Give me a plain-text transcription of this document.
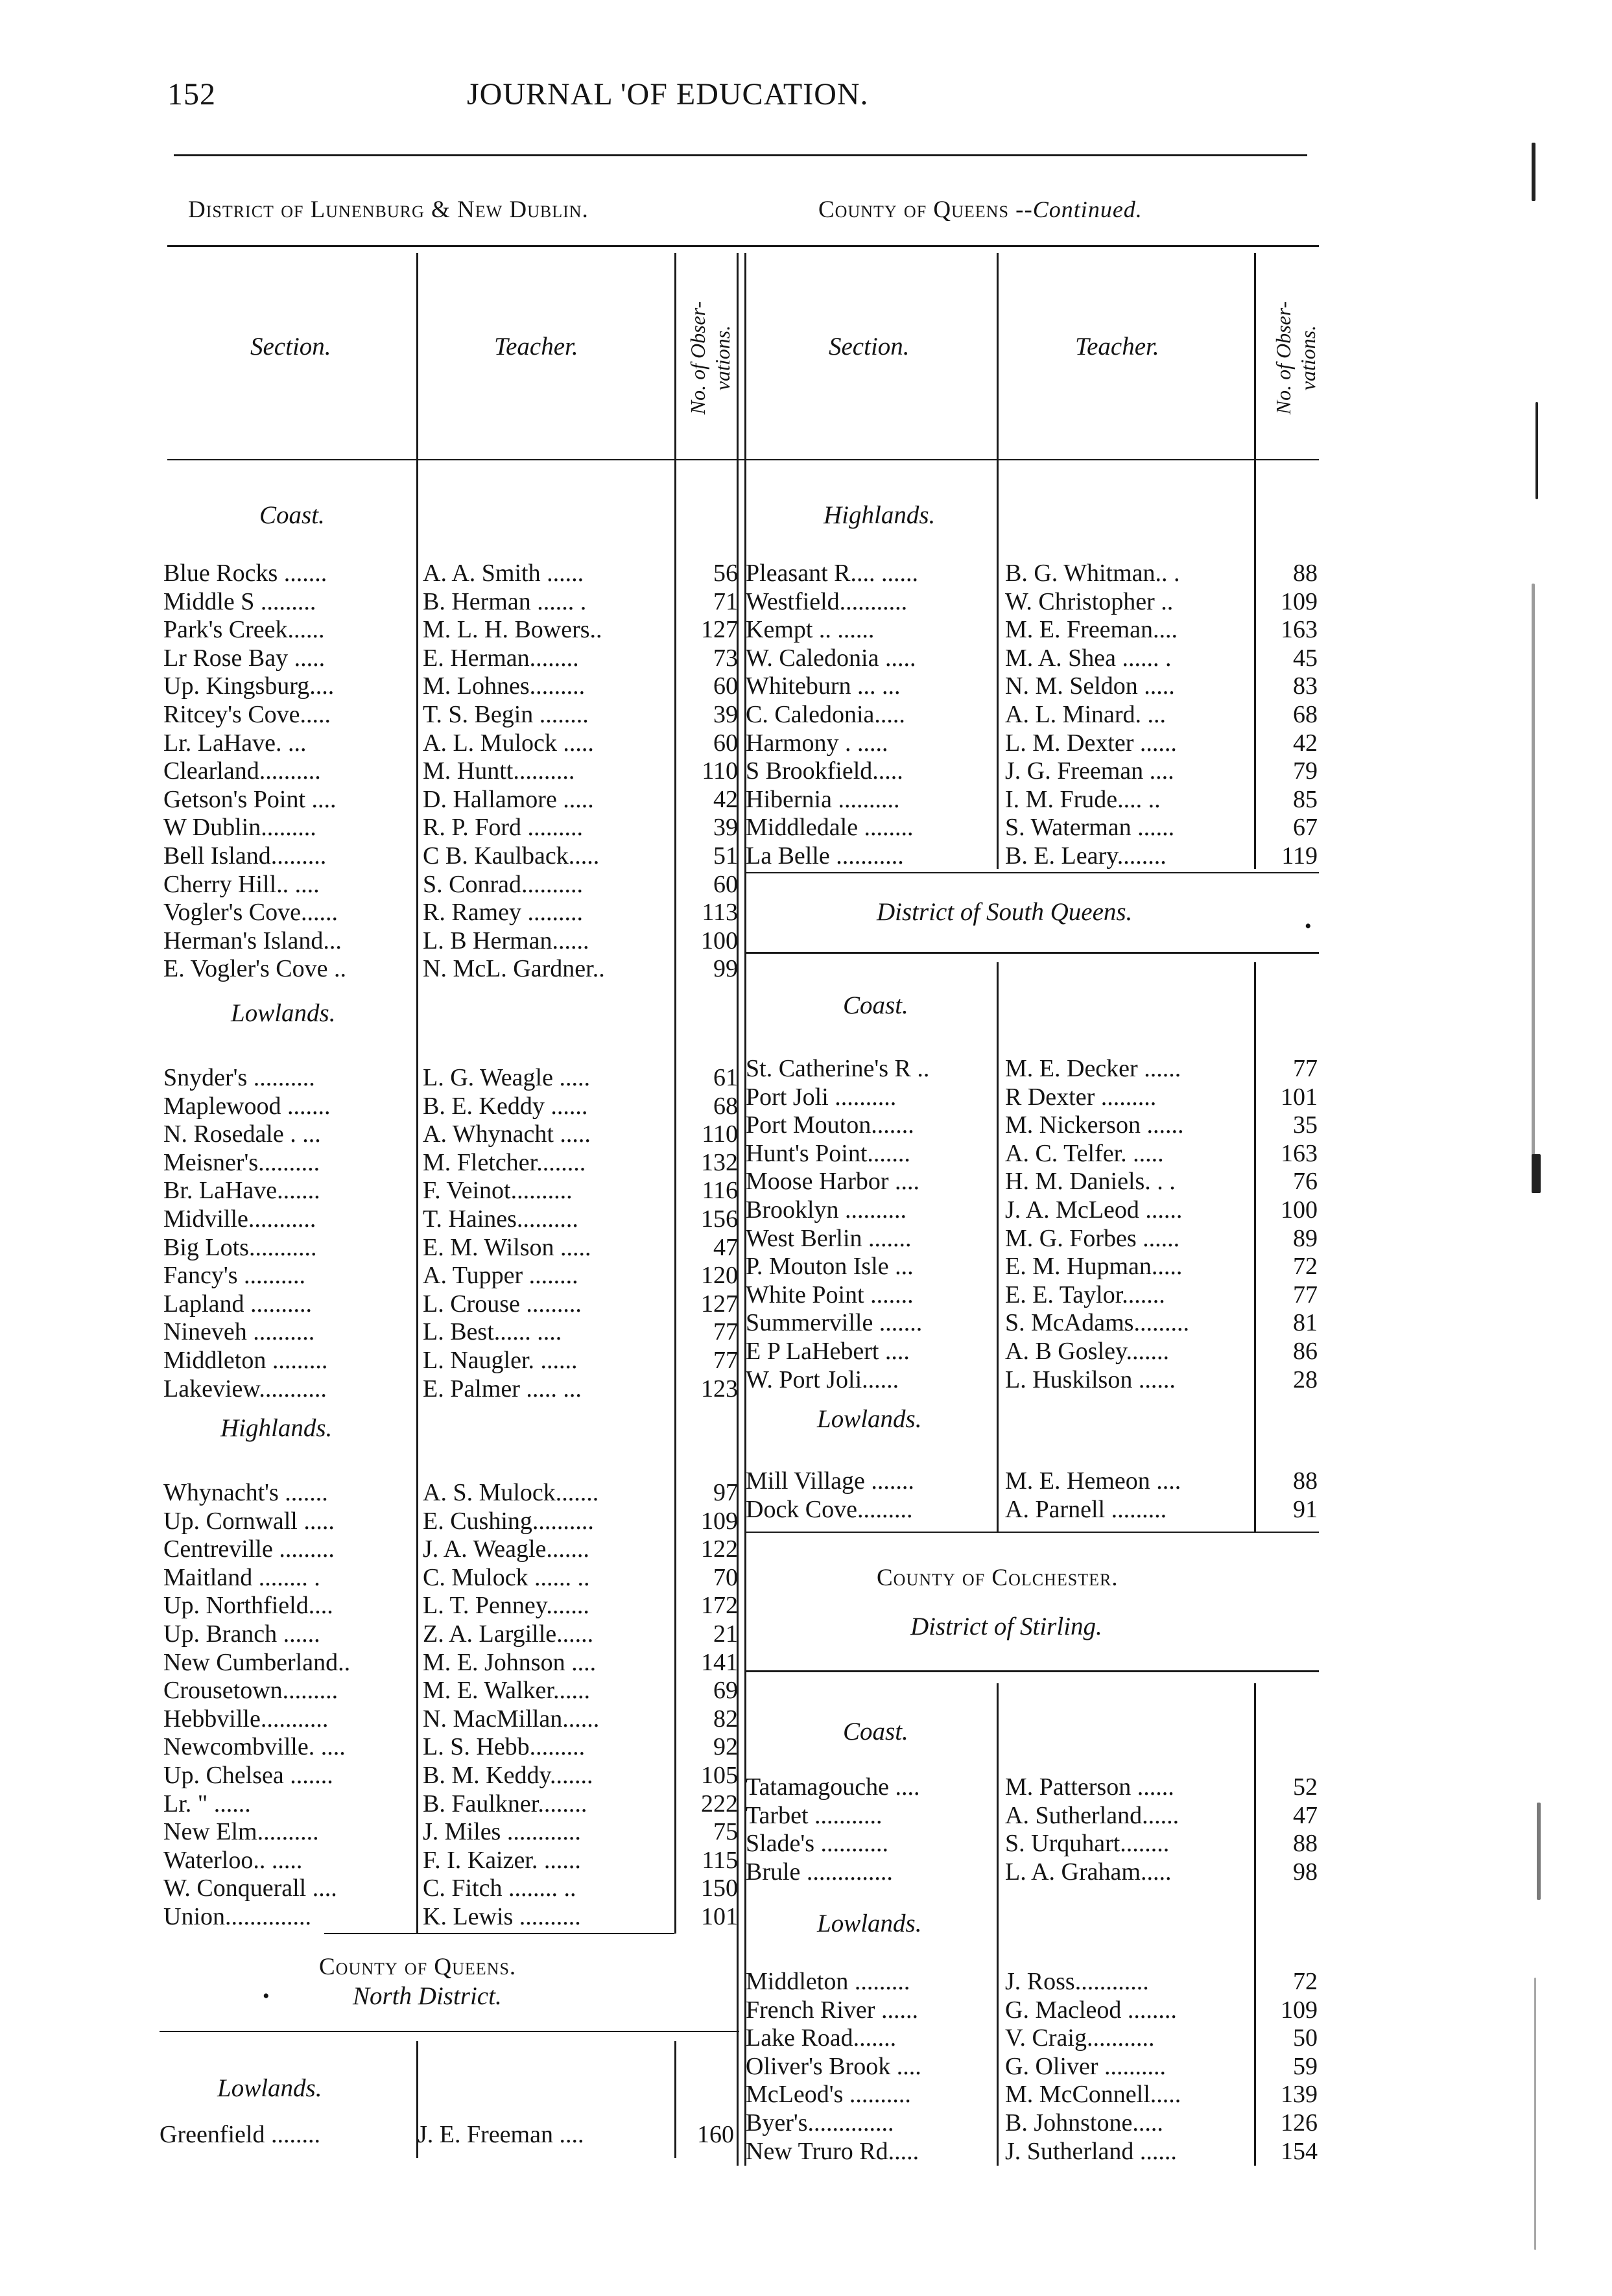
152	JOURNAL 'OF EDUCATION.
District of Lunenburg & New Dublin.	County of Queens --Continued.
Section.	Teacher.	No. of Obser- vations.	Section.	Teacher.	No. of Obser- vations.
Coast.
Blue Rocks .......	A. A. Smith ......	56
Middle S .........	B. Herman ...... .	71
Park's Creek......	M. L. H. Bowers..	127
Lr Rose Bay .....	E. Herman........	73
Up. Kingsburg....	M. Lohnes.........	60
Ritcey's Cove.....	T. S. Begin ........	39
Lr. LaHave. ...	A. L. Mulock .....	60
Clearland..........	M. Huntt..........	110
Getson's Point ....	D. Hallamore .....	42
W Dublin.........	R. P. Ford .........	39
Bell Island.........	C B. Kaulback.....	51
Cherry Hill.. ....	S. Conrad..........	60
Vogler's Cove......	R. Ramey .........	113
Herman's Island...	L. B Herman......	100
E. Vogler's Cove ..	N. McL. Gardner..	99
Lowlands.
Snyder's ..........	L. G. Weagle .....	61
Maplewood .......	B. E. Keddy ......	68
N. Rosedale . ...	A. Whynacht .....	110
Meisner's..........	M. Fletcher........	132
Br. LaHave.......	F. Veinot..........	116
Midville...........	T. Haines..........	156
Big Lots...........	E. M. Wilson .....	47
Fancy's ..........	A. Tupper ........	120
Lapland ..........	L. Crouse .........	127
Nineveh ..........	L. Best...... ....	77
Middleton .........	L. Naugler. ......	77
Lakeview...........	E. Palmer ..... ...	123
Highlands.
Whynacht's .......	A. S. Mulock.......	97
Up. Cornwall .....	E. Cushing..........	109
Centreville .........	J. A. Weagle.......	122
Maitland ........ .	C. Mulock ...... ..	70
Up. Northfield....	L. T. Penney.......	172
Up. Branch ......	Z. A. Largille......	21
New Cumberland..	M. E. Johnson ....	141
Crousetown.........	M. E. Walker......	69
Hebbville...........	N. MacMillan......	82
Newcombville. ....	L. S. Hebb.........	92
Up. Chelsea .......	B. M. Keddy.......	105
Lr. " ......	B. Faulkner........	222
New Elm..........	J. Miles ............	75
Waterloo.. .....	F. I. Kaizer. ......	115
W. Conquerall ....	C. Fitch ........ ..	150
Union..............	K. Lewis ..........	101
County of Queens.
•	North District.
Lowlands.
Greenfield ........	J. E. Freeman ....	160
Highlands.
Pleasant R.... ......	B. G. Whitman.. .	88
Westfield...........	W. Christopher ..	109
Kempt .. ......	M. E. Freeman....	163
W. Caledonia .....	M. A. Shea ...... .	45
Whiteburn ... ...	N. M. Seldon .....	83
C. Caledonia.....	A. L. Minard. ...	68
Harmony . .....	L. M. Dexter ......	42
S Brookfield.....	J. G. Freeman ....	79
Hibernia ..........	I. M. Frude.... ..	85
Middledale ........	S. Waterman ......	67
La Belle ...........	B. E. Leary........	119
Coast.
St. Catherine's R ..	M. E. Decker ......	77
Port Joli ..........	R Dexter .........	101
Port Mouton.......	M. Nickerson ......	35
Hunt's Point.......	A. C. Telfer. .....	163
Moose Harbor ....	H. M. Daniels. . .	76
Brooklyn ..........	J. A. McLeod ......	100
West Berlin .......	M. G. Forbes ......	89
P. Mouton Isle ...	E. M. Hupman.....	72
White Point .......	E. E. Taylor.......	77
Summerville .......	S. McAdams.........	81
E P LaHebert ....	A. B Gosley.......	86
W. Port Joli......	L. Huskilson ......	28
Lowlands.
Mill Village .......	M. E. Hemeon ....	88
Dock Cove.........	A. Parnell .........	91
Coast.
Tatamagouche ....	M. Patterson ......	52
Tarbet ...........	A. Sutherland......	47
Slade's ...........	S. Urquhart........	88
Brule ..............	L. A. Graham.....	98
Lowlands.
Middleton .........	J. Ross............	72
French River ......	G. Macleod ........	109
Lake Road.......	V. Craig...........	50
Oliver's Brook ....	G. Oliver ..........	59
McLeod's ..........	M. McConnell.....	139
Byer's..............	B. Johnstone.....	126
New Truro Rd.....	J. Sutherland ......	154
District of South Queens.
•
County of Colchester.
District of Stirling.
